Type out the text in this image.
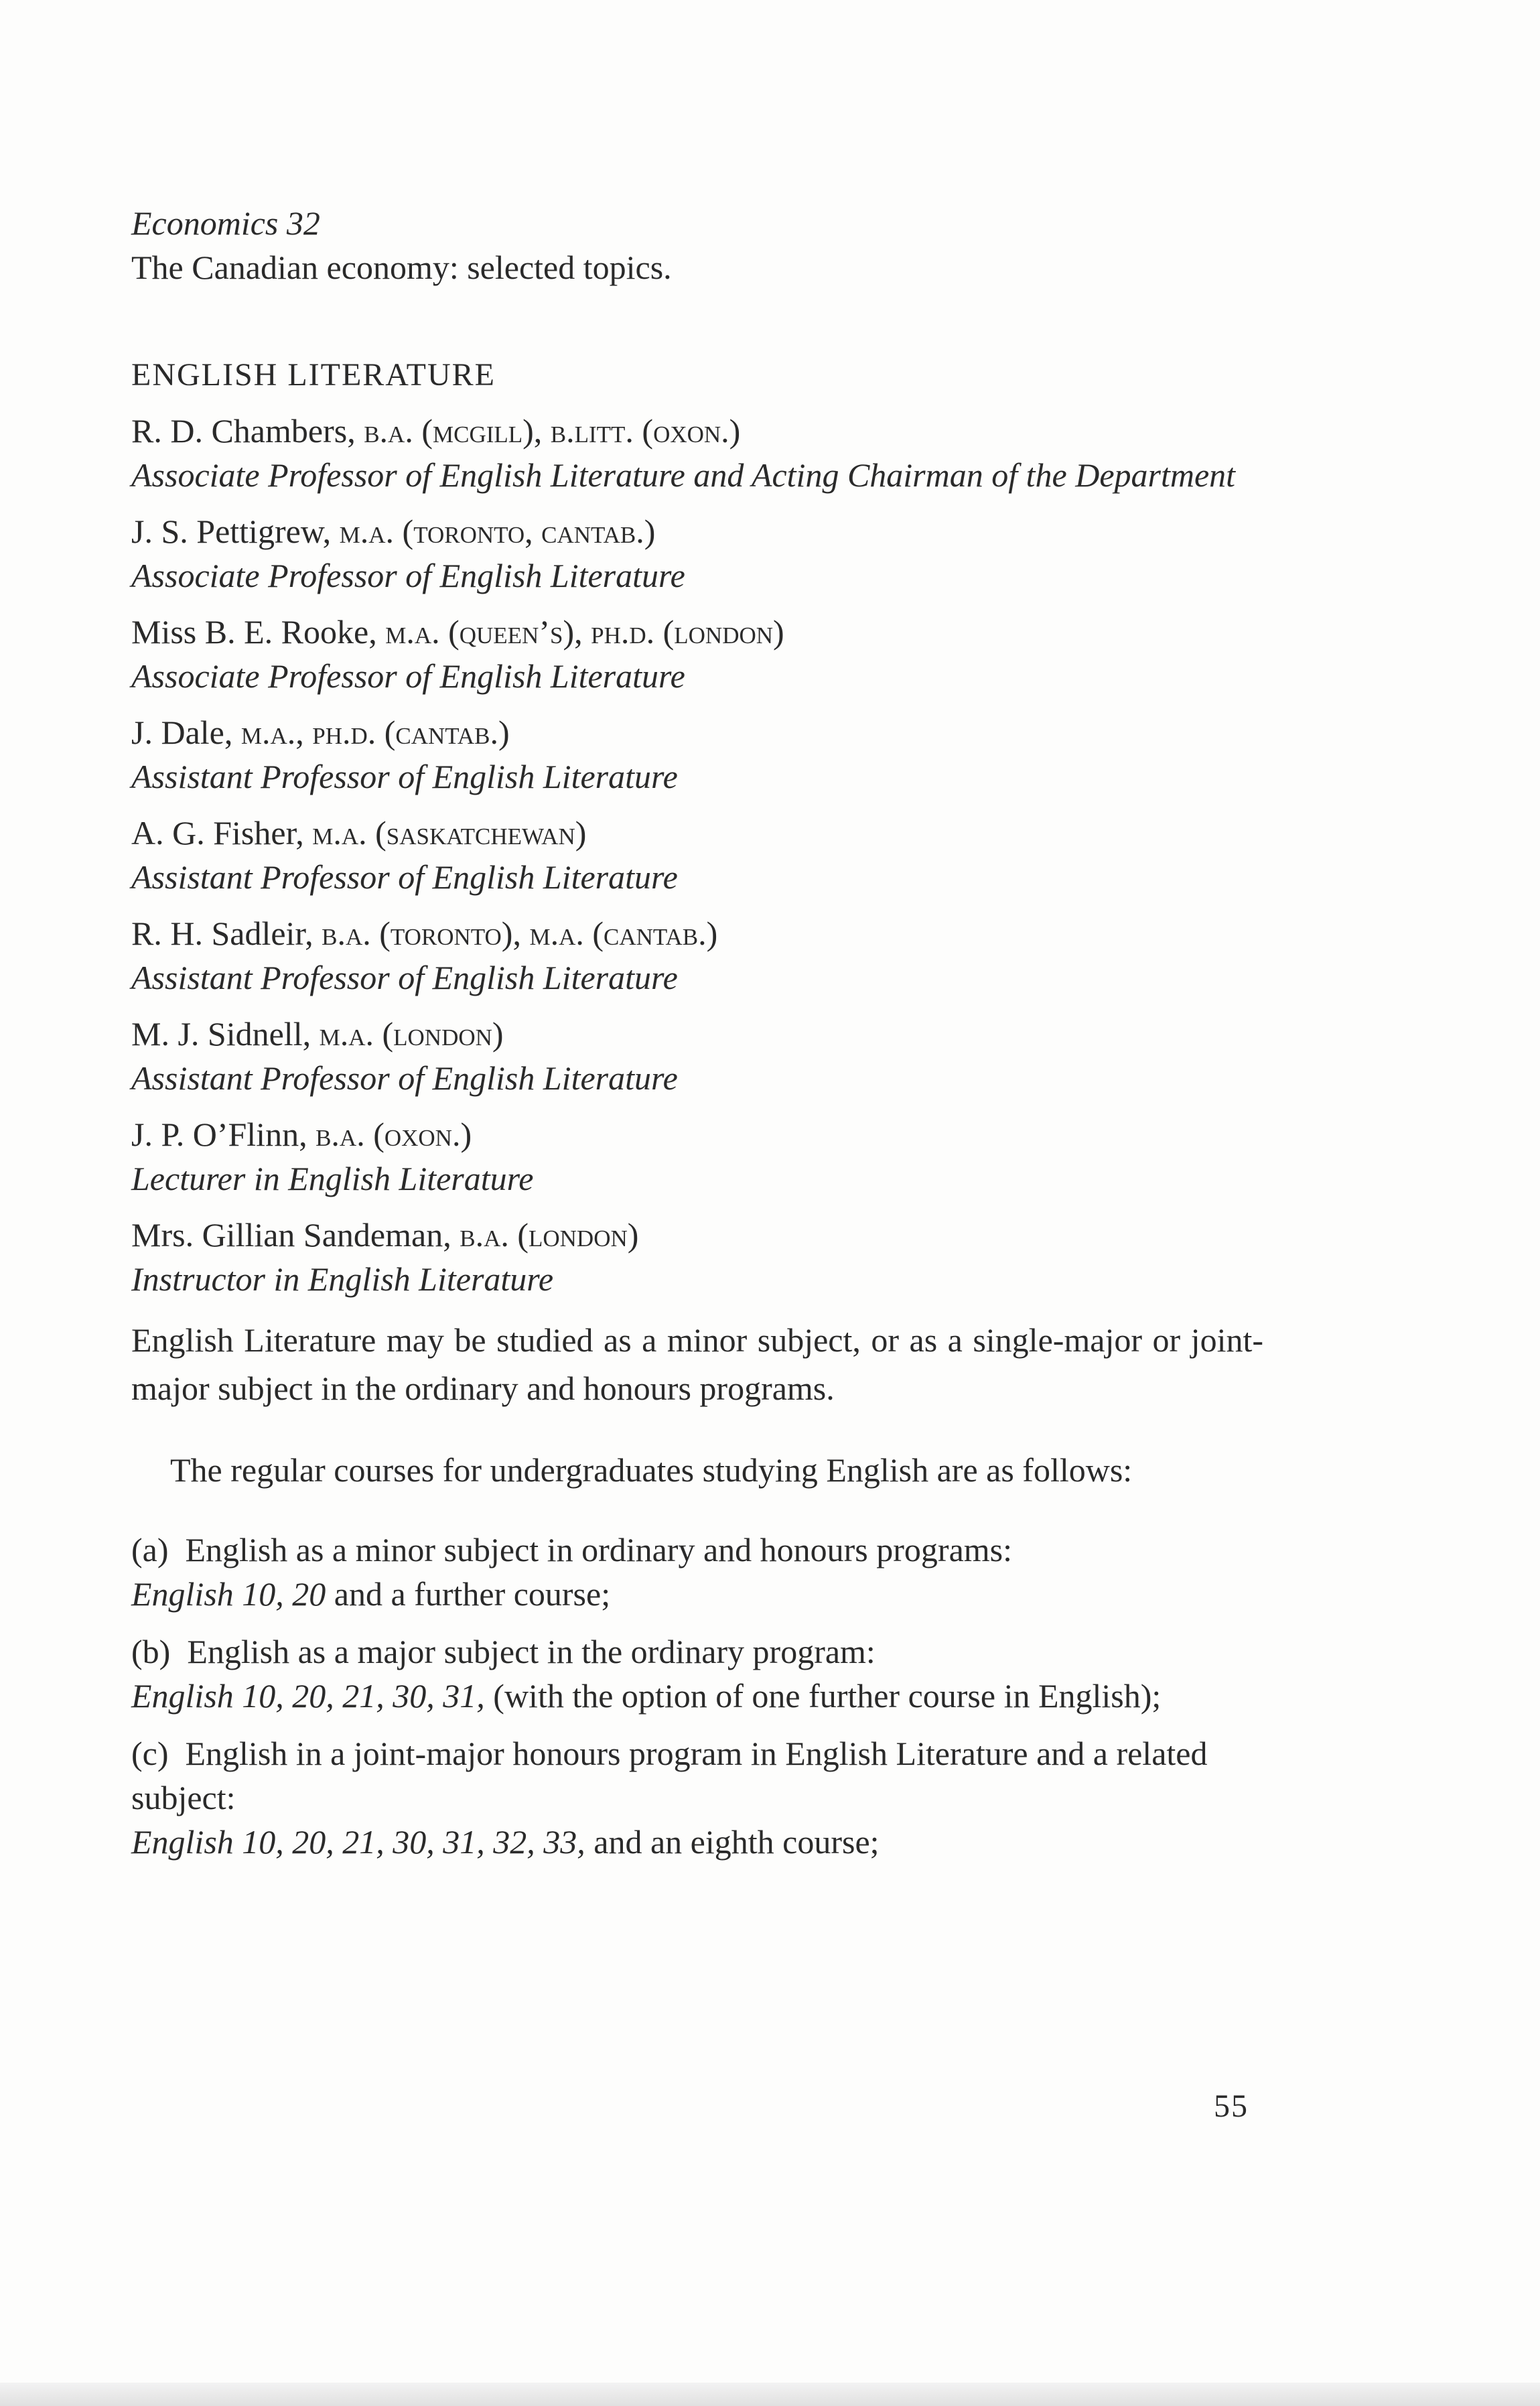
Economics 32

The Canadian economy: selected topics.

ENGLISH LITERATURE

R. D. Chambers, b.a. (mcgill), b.litt. (oxon.)

Associate Professor of English Literature and Acting Chairman of the Department

J. S. Pettigrew, m.a. (toronto, cantab.)

Associate Professor of English Literature

Miss B. E. Rooke, m.a. (queen’s), ph.d. (london)

Associate Professor of English Literature

J. Dale, m.a., ph.d. (cantab.)

Assistant Professor of English Literature

A. G. Fisher, m.a. (saskatchewan)

Assistant Professor of English Literature

R. H. Sadleir, b.a. (toronto), m.a. (cantab.)

Assistant Professor of English Literature

M. J. Sidnell, m.a. (london)

Assistant Professor of English Literature

J. P. O’Flinn, b.a. (oxon.)

Lecturer in English Literature

Mrs. Gillian Sandeman, b.a. (london)

Instructor in English Literature

English Literature may be studied as a minor subject, or as a single-major or joint-major subject in the ordinary and honours programs.

The regular courses for undergraduates studying English are as follows:

(a) English as a minor subject in ordinary and honours programs:
English 10, 20 and a further course;
(b) English as a major subject in the ordinary program:
English 10, 20, 21, 30, 31, (with the option of one further course in English);
(c) English in a joint-major honours program in English Literature and a related subject:
English 10, 20, 21, 30, 31, 32, 33, and an eighth course;
55
